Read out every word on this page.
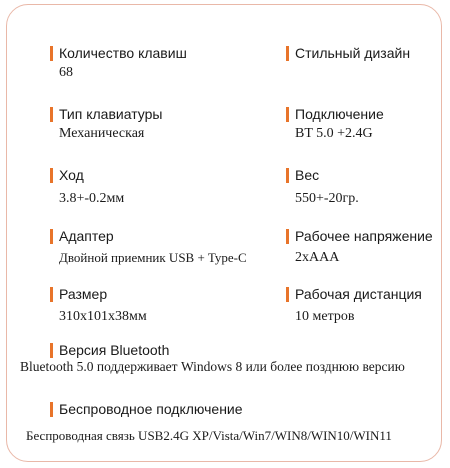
Количество клавиш
68
Стильный дизайн
Тип клавиатуры
Механическая
Подключение
BT 5.0 +2.4G
Ход
3.8+-0.2мм
Вес
550+-20гр.
Адаптер
Двойной приемник USB + Type-C
Рабочее напряжение
2xAAA
Размер
310x101x38мм
Рабочая дистанция
10 метров
Версия Bluetooth
Bluetooth 5.0 поддерживает Windows 8 или более позднюю версию
Беспроводное подключение
Беспроводная связь USB2.4G XP/Vista/Win7/WIN8/WIN10/WIN11
